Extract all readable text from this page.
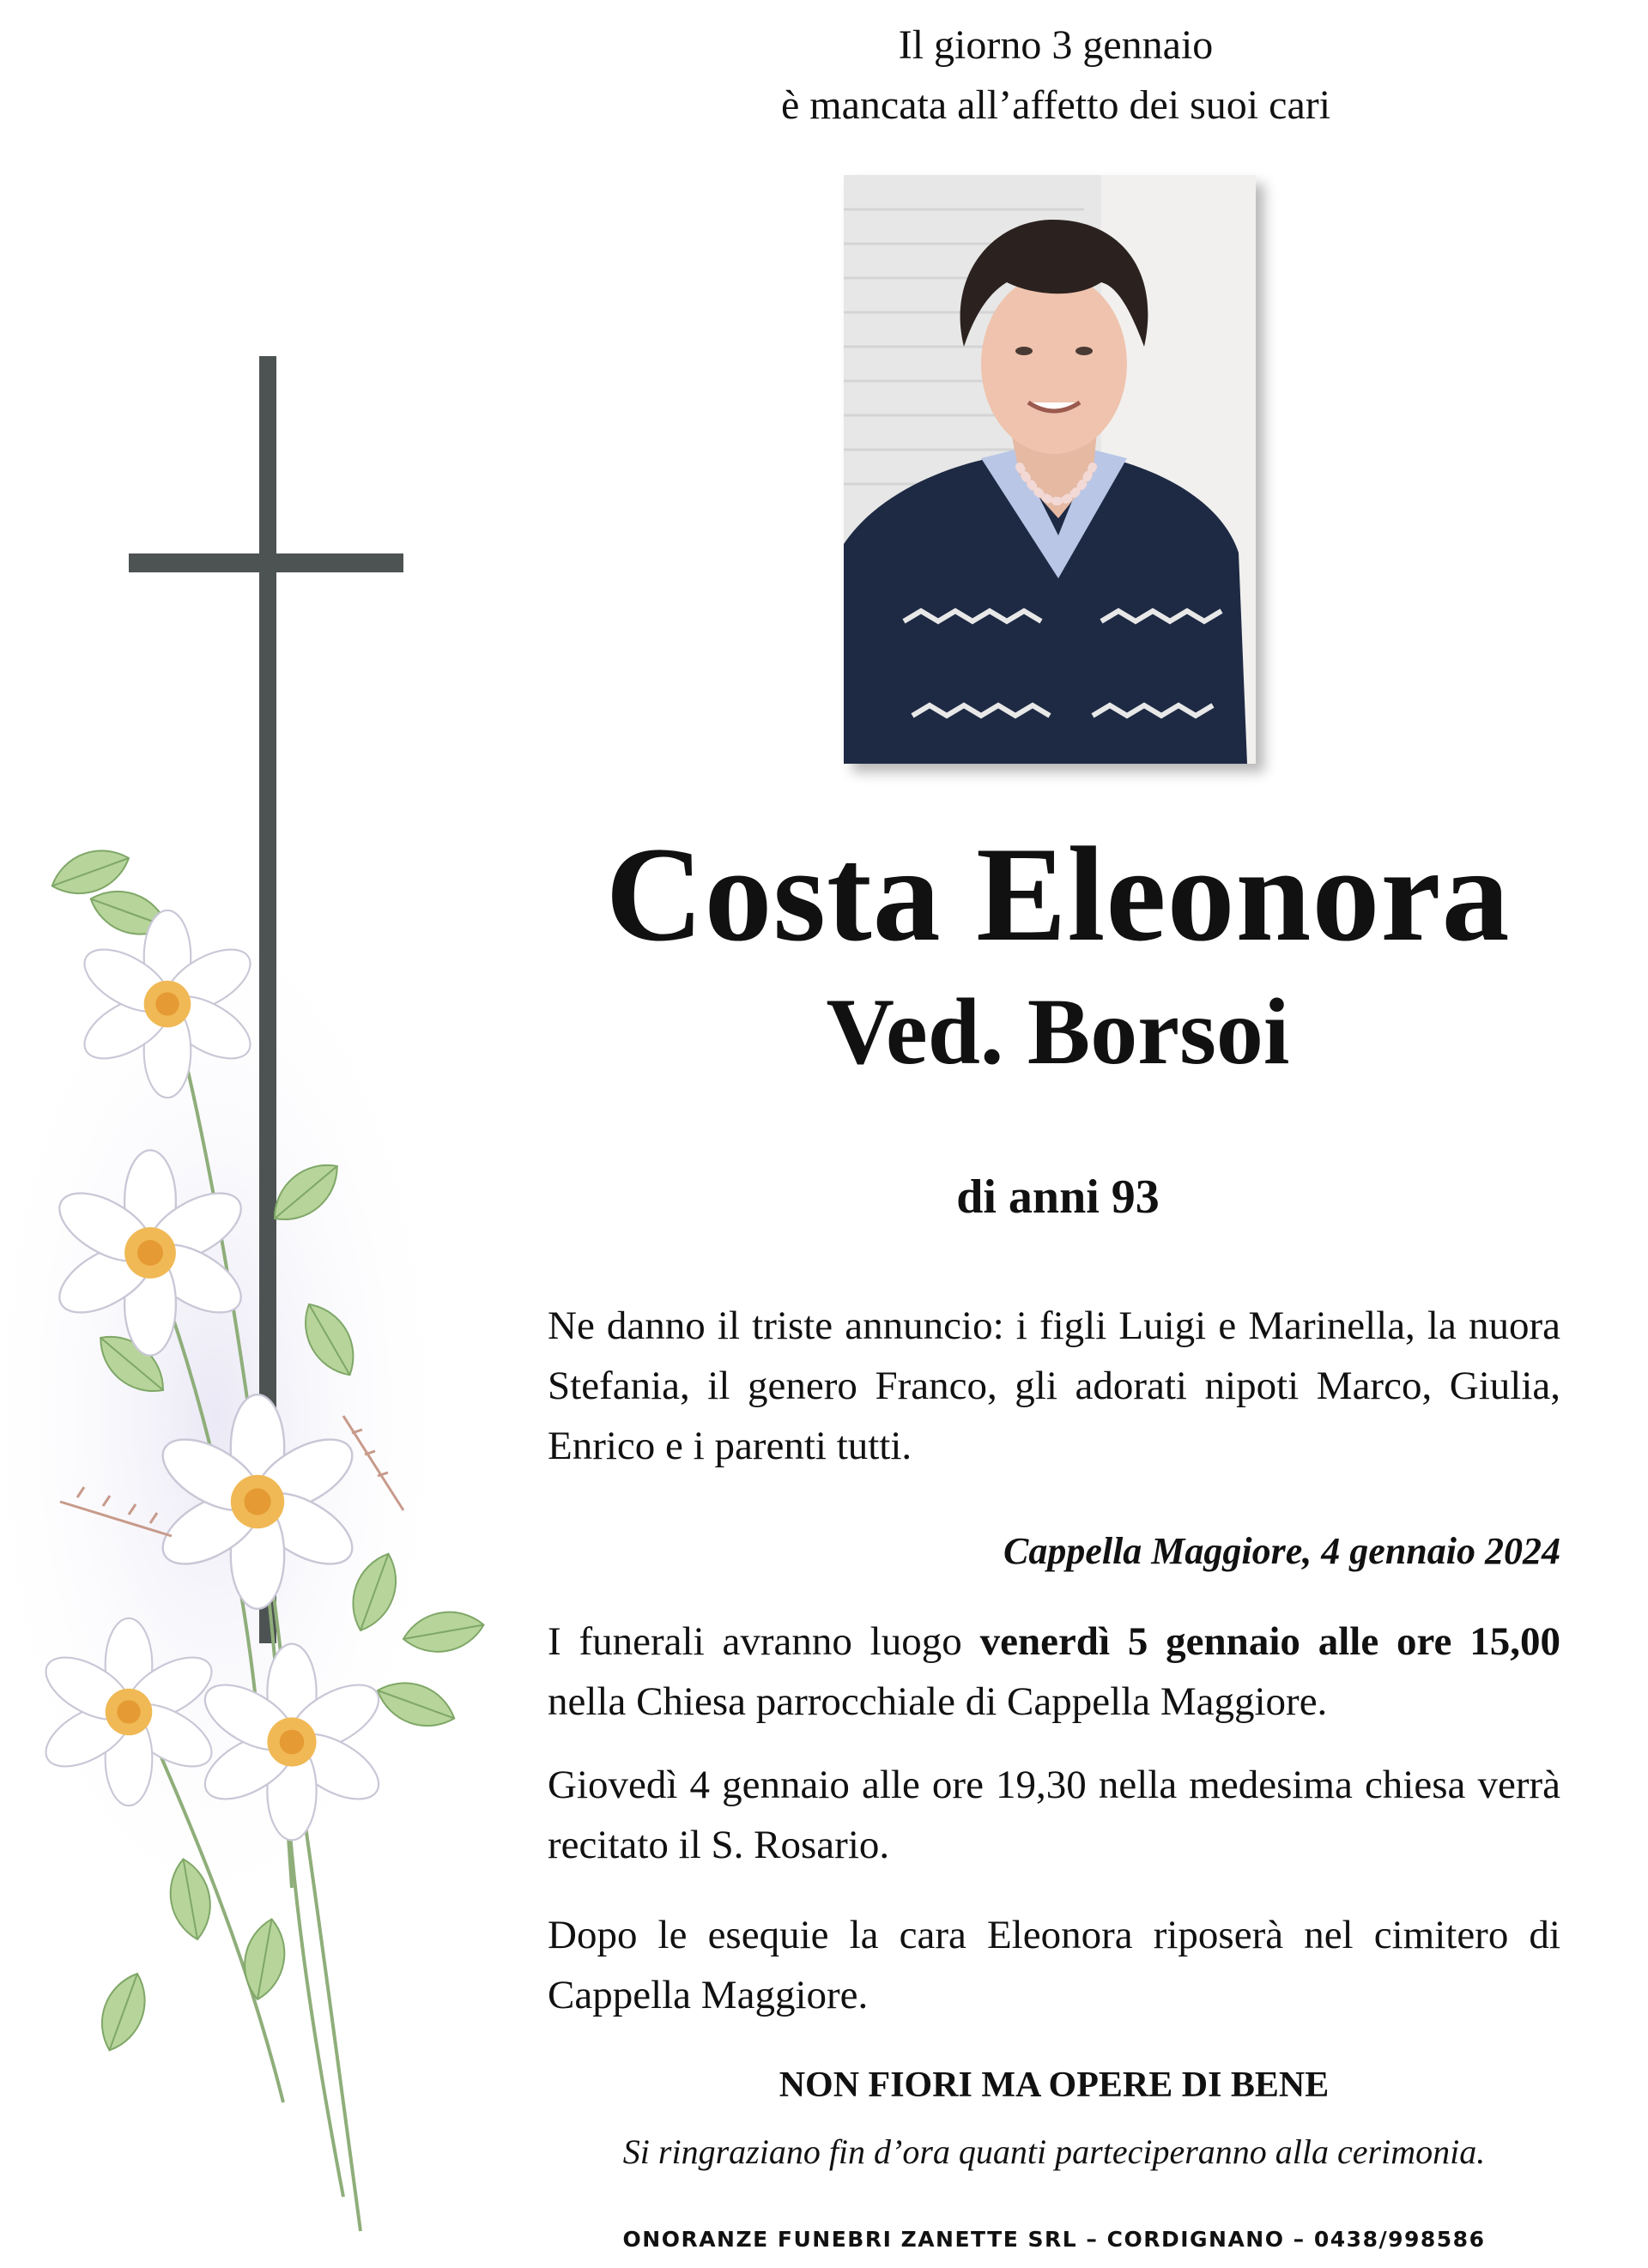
Il giorno 3 gennaio
è mancata all’affetto dei suoi cari
Costa Eleonora
Ved. Borsoi
di anni 93
Ne danno il triste annuncio: i figli Luigi e Marinella, la nuora Stefania, il genero Franco, gli adorati nipoti Marco, Giulia, Enrico e i parenti tutti.
Cappella Maggiore, 4 gennaio 2024
I funerali avranno luogo venerdì 5 gennaio alle ore 15,00 nella Chiesa parrocchiale di Cappella Maggiore.
Giovedì 4 gennaio alle ore 19,30 nella medesima chiesa verrà recitato il S. Rosario.
Dopo le esequie la cara Eleonora riposerà nel cimitero di Cappella Maggiore.
NON FIORI MA OPERE DI BENE
Si ringraziano fin d’ora quanti parteciperanno alla cerimonia.
ONORANZE FUNEBRI ZANETTE SRL – CORDIGNANO – 0438/998586
